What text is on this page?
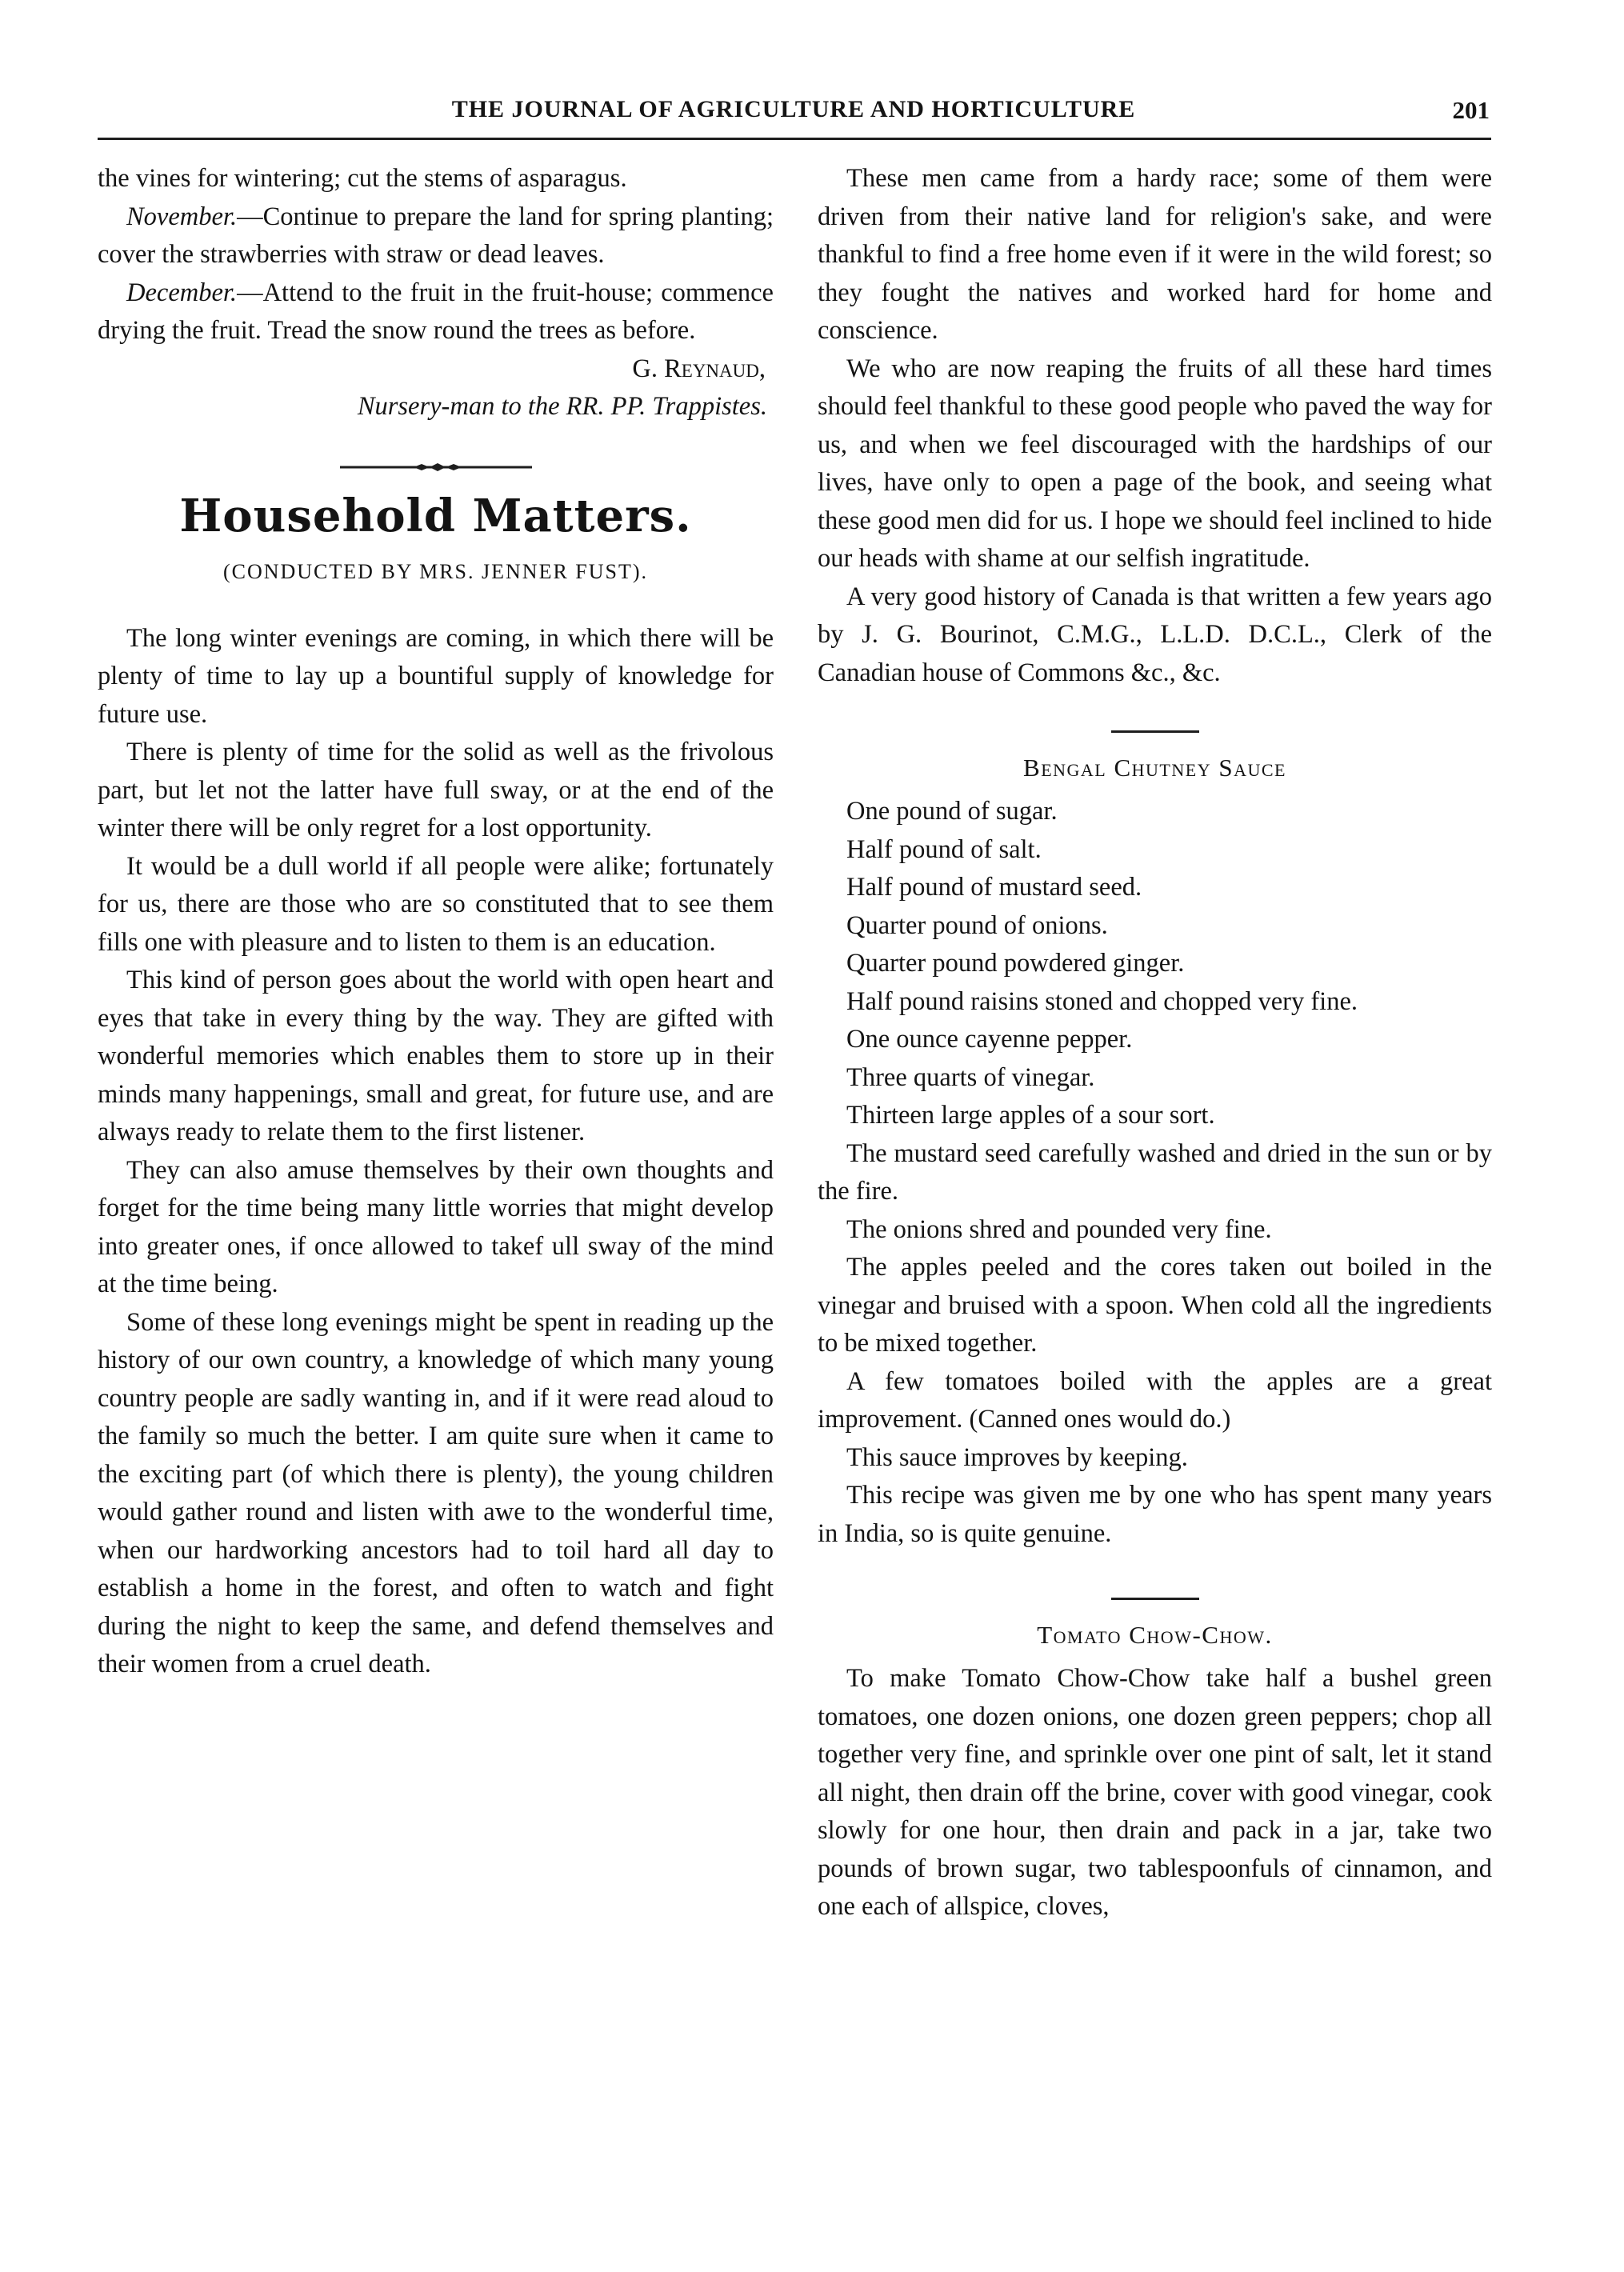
THE JOURNAL OF AGRICULTURE AND HORTICULTURE	201

the vines for wintering; cut the stems of asparagus.

November.—Continue to prepare the land for spring planting; cover the strawberries with straw or dead leaves.

December.—Attend to the fruit in the fruit-house; commence drying the fruit. Tread the snow round the trees as before.

G. Reynaud,

Nursery-man to the RR. PP. Trappistes.

Household Matters.
(CONDUCTED BY MRS. JENNER FUST).

The long winter evenings are coming, in which there will be plenty of time to lay up a bountiful supply of knowledge for future use.

There is plenty of time for the solid as well as the frivolous part, but let not the latter have full sway, or at the end of the winter there will be only regret for a lost opportunity.

It would be a dull world if all people were alike; fortunately for us, there are those who are so constituted that to see them fills one with pleasure and to listen to them is an education.

This kind of person goes about the world with open heart and eyes that take in every thing by the way. They are gifted with wonderful memories which enables them to store up in their minds many happenings, small and great, for future use, and are always ready to relate them to the first listener.

They can also amuse themselves by their own thoughts and forget for the time being many little worries that might develop into greater ones, if once allowed to takef ull sway of the mind at the time being.

Some of these long evenings might be spent in reading up the history of our own country, a knowledge of which many young country people are sadly wanting in, and if it were read aloud to the family so much the better. I am quite sure when it came to the exciting part (of which there is plenty), the young children would gather round and listen with awe to the wonderful time, when our hardworking ancestors had to toil hard all day to establish a home in the forest, and often to watch and fight during the night to keep the same, and defend themselves and their women from a cruel death.

These men came from a hardy race; some of them were driven from their native land for religion's sake, and were thankful to find a free home even if it were in the wild forest; so they fought the natives and worked hard for home and conscience.

We who are now reaping the fruits of all these hard times should feel thankful to these good people who paved the way for us, and when we feel discouraged with the hardships of our lives, have only to open a page of the book, and seeing what these good men did for us. I hope we should feel inclined to hide our heads with shame at our selfish ingratitude.

A very good history of Canada is that written a few years ago by J. G. Bourinot, C.M.G., L.L.D. D.C.L., Clerk of the Canadian house of Commons &c., &c.

Bengal Chutney Sauce

One pound of sugar.

Half pound of salt.

Half pound of mustard seed.

Quarter pound of onions.

Quarter pound powdered ginger.

Half pound raisins stoned and chopped very fine.

One ounce cayenne pepper.

Three quarts of vinegar.

Thirteen large apples of a sour sort.

The mustard seed carefully washed and dried in the sun or by the fire.

The onions shred and pounded very fine.

The apples peeled and the cores taken out boiled in the vinegar and bruised with a spoon. When cold all the ingredients to be mixed together.

A few tomatoes boiled with the apples are a great improvement. (Canned ones would do.)

This sauce improves by keeping.

This recipe was given me by one who has spent many years in India, so is quite genuine.

Tomato Chow-Chow.

To make Tomato Chow-Chow take half a bushel green tomatoes, one dozen onions, one dozen green peppers; chop all together very fine, and sprinkle over one pint of salt, let it stand all night, then drain off the brine, cover with good vinegar, cook slowly for one hour, then drain and pack in a jar, take two pounds of brown sugar, two tablespoonfuls of cinnamon, and one each of allspice, cloves,
